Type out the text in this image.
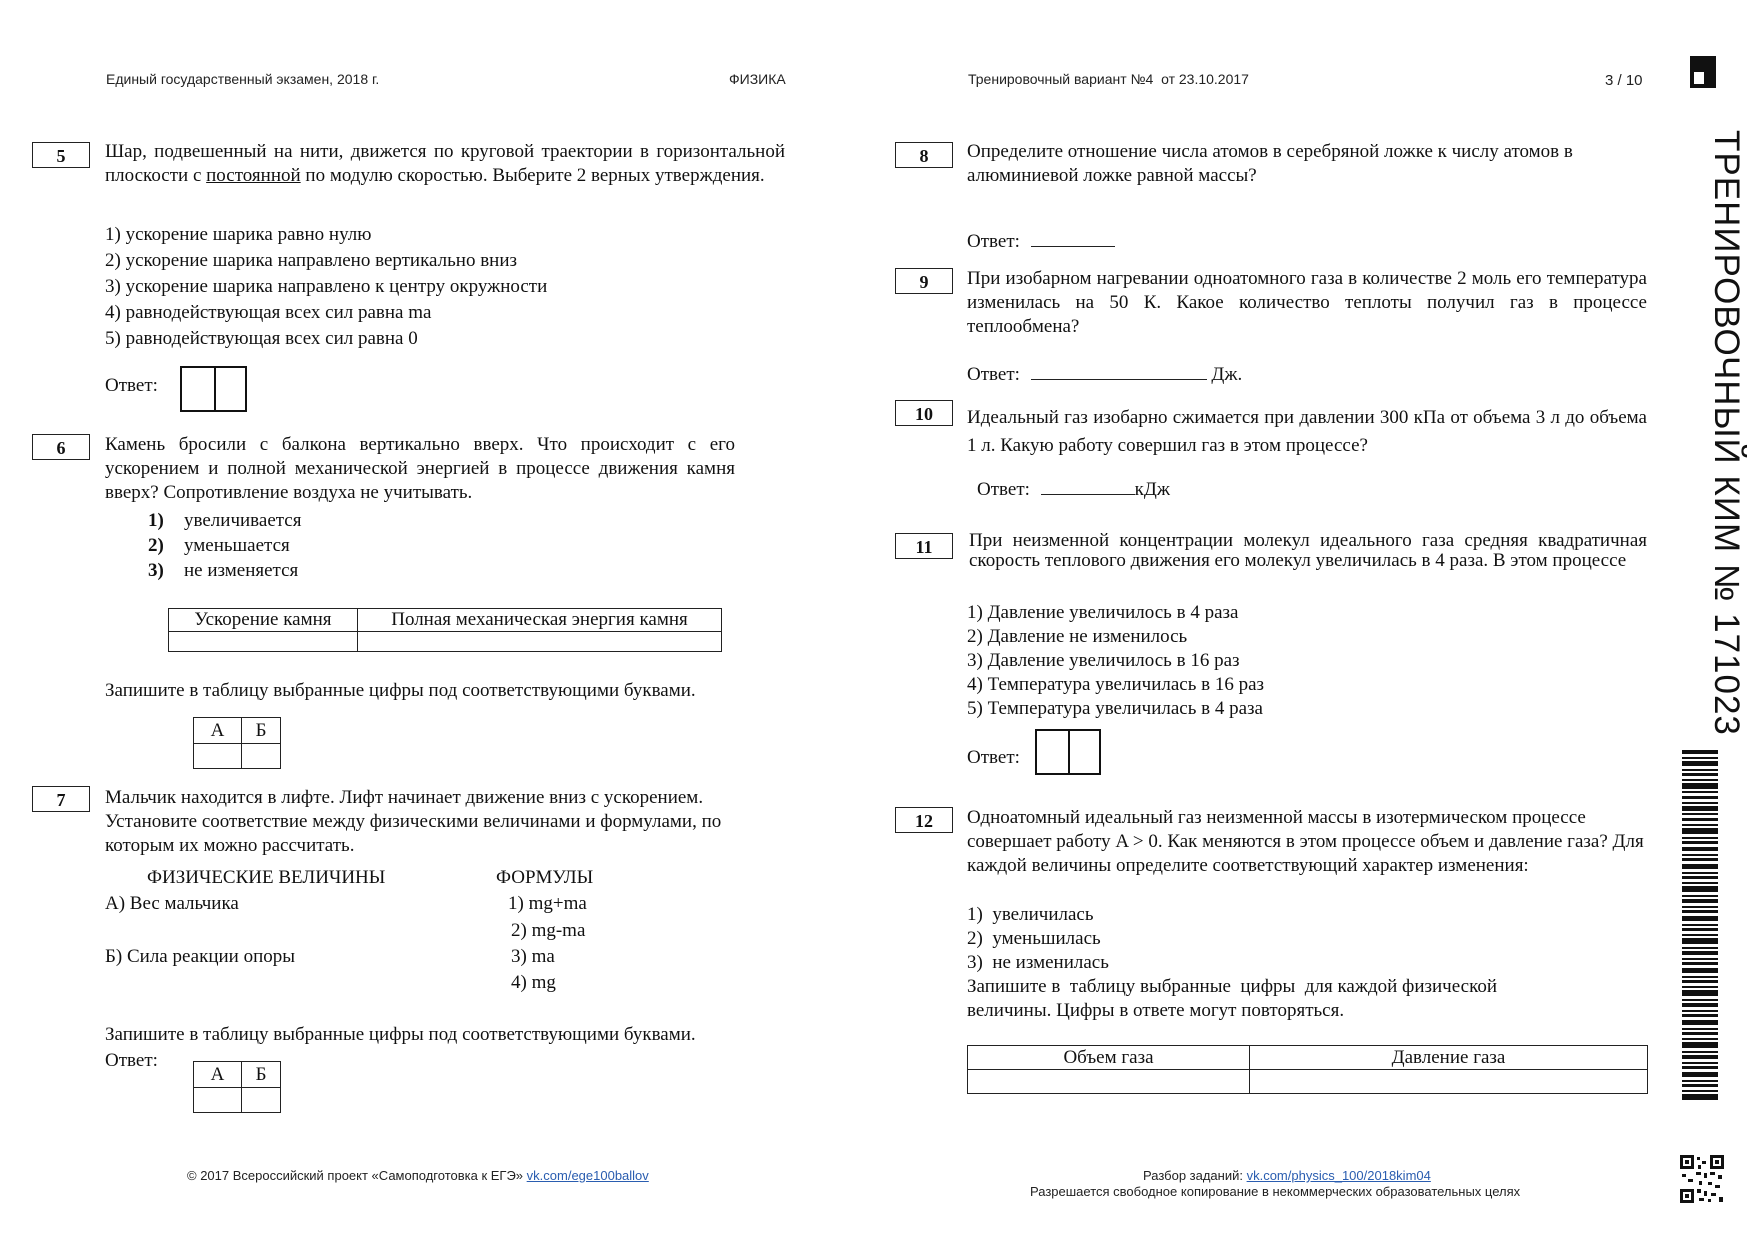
Единый государственный экзамен, 2018 г.	ФИЗИКА	Тренировочный вариант №4  от 23.10.2017	3 / 10
ТРЕНИРОВОЧНЫЙ КИМ № 171023
5	Шар, подвешенный на нити, движется по круговой траектории в горизонтальной плоскости с постоянной по модулю скоростью. Выберите 2 верных утверждения.
1) ускорение шарика равно нулю
2) ускорение шарика направлено вертикально вниз
3) ускорение шарика направлено к центру окружности
4) равнодействующая всех сил равна ma
5) равнодействующая всех сил равна 0
Ответ:
6	Камень бросили с балкона вертикально вверх. Что происходит с его ускорением и полной механической энергией в процессе движения камня вверх? Сопротивление воздуха не учитывать.
1) увеличивается
2) уменьшается
3) не изменяется
Ускорение камня	Полная механическая энергия камня

Запишите в таблицу выбранные цифры под соответствующими буквами.
А	Б

7	Мальчик находится в лифте. Лифт начинает движение вниз с ускорением. Установите соответствие между физическими величинами и формулами, по которым их можно рассчитать.
ФИЗИЧЕСКИЕ ВЕЛИЧИНЫ	ФОРМУЛЫ
А) Вес мальчика
Б) Сила реакции опоры
1) mg+ma
2) mg-ma
3) ma
4) mg
Запишите в таблицу выбранные цифры под соответствующими буквами.
Ответ:
А	Б

8	Определите отношение числа атомов в серебряной ложке к числу атомов в алюминиевой ложке равной массы?
Ответ:
9	При изобарном нагревании одноатомного газа в количестве 2 моль его температура изменилась на 50 К. Какое количество теплоты получил газ в процессе теплообмена?
Ответ:	Дж.
10	Идеальный газ изобарно сжимается при давлении 300 кПа от объема 3 л до объема 1 л. Какую работу совершил газ в этом процессе?
Ответ:	кДж
11	При неизменной концентрации молекул идеального газа средняя квадратичная скорость теплового движения его молекул увеличилась в 4 раза. В этом процессе
1) Давление увеличилось в 4 раза
2) Давление не изменилось
3) Давление увеличилось в 16 раз
4) Температура увеличилась в 16 раз
5) Температура увеличилась в 4 раза
Ответ:
12	Одноатомный идеальный газ неизменной массы в изотермическом процессе совершает работу A > 0. Как меняются в этом процессе объем и давление газа? Для каждой величины определите соответствующий характер изменения:
1)  увеличилась
2)  уменьшилась
3)  не изменилась
Запишите в  таблицу выбранные  цифры  для каждой физической величины. Цифры в ответе могут повторяться.
Объем газа	Давление газа

© 2017 Всероссийский проект «Самоподготовка к ЕГЭ» vk.com/ege100ballov	Разбор заданий: vk.com/physics_100/2018kim04
Разрешается свободное копирование в некоммерческих образовательных целях
